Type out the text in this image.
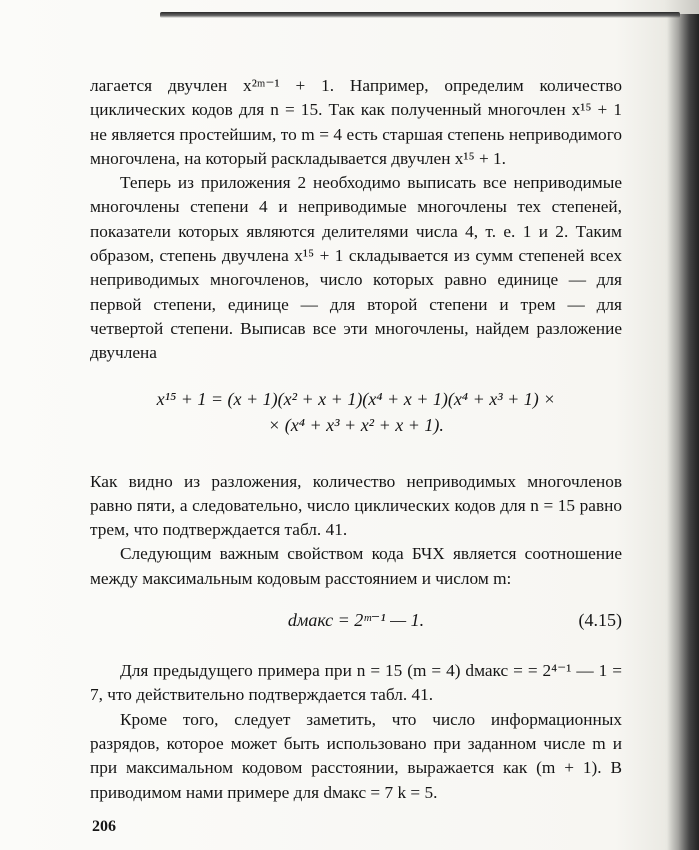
лагается двучлен x²ᵐ⁻¹ + 1. Например, определим количество циклических кодов для n = 15. Так как полученный многочлен x¹⁵ + 1 не является простейшим, то m = 4 есть старшая степень неприводимого многочлена, на который раскладывается двучлен x¹⁵ + 1.

Теперь из приложения 2 необходимо выписать все неприводимые многочлены степени 4 и неприводимые многочлены тех степеней, показатели которых являются делителями числа 4, т. е. 1 и 2. Таким образом, степень двучлена x¹⁵ + 1 складывается из сумм степеней всех неприводимых многочленов, число которых равно единице — для первой степени, единице — для второй степени и трем — для четвертой степени. Выписав все эти многочлены, найдем разложение двучлена

x¹⁵ + 1 = (x + 1)(x² + x + 1)(x⁴ + x + 1)(x⁴ + x³ + 1) ×
× (x⁴ + x³ + x² + x + 1).

Как видно из разложения, количество неприводимых многочленов равно пяти, а следовательно, число циклических кодов для n = 15 равно трем, что подтверждается табл. 41.

Следующим важным свойством кода БЧХ является соотношение между максимальным кодовым расстоянием и числом m:

dмакс = 2ᵐ⁻¹ — 1.	(4.15)

Для предыдущего примера при n = 15 (m = 4) dмакс = = 2⁴⁻¹ — 1 = 7, что действительно подтверждается табл. 41.

Кроме того, следует заметить, что число информационных разрядов, которое может быть использовано при заданном числе m и при максимальном кодовом расстоянии, выражается как (m + 1). В приводимом нами примере для dмакс = 7 k = 5.

206
